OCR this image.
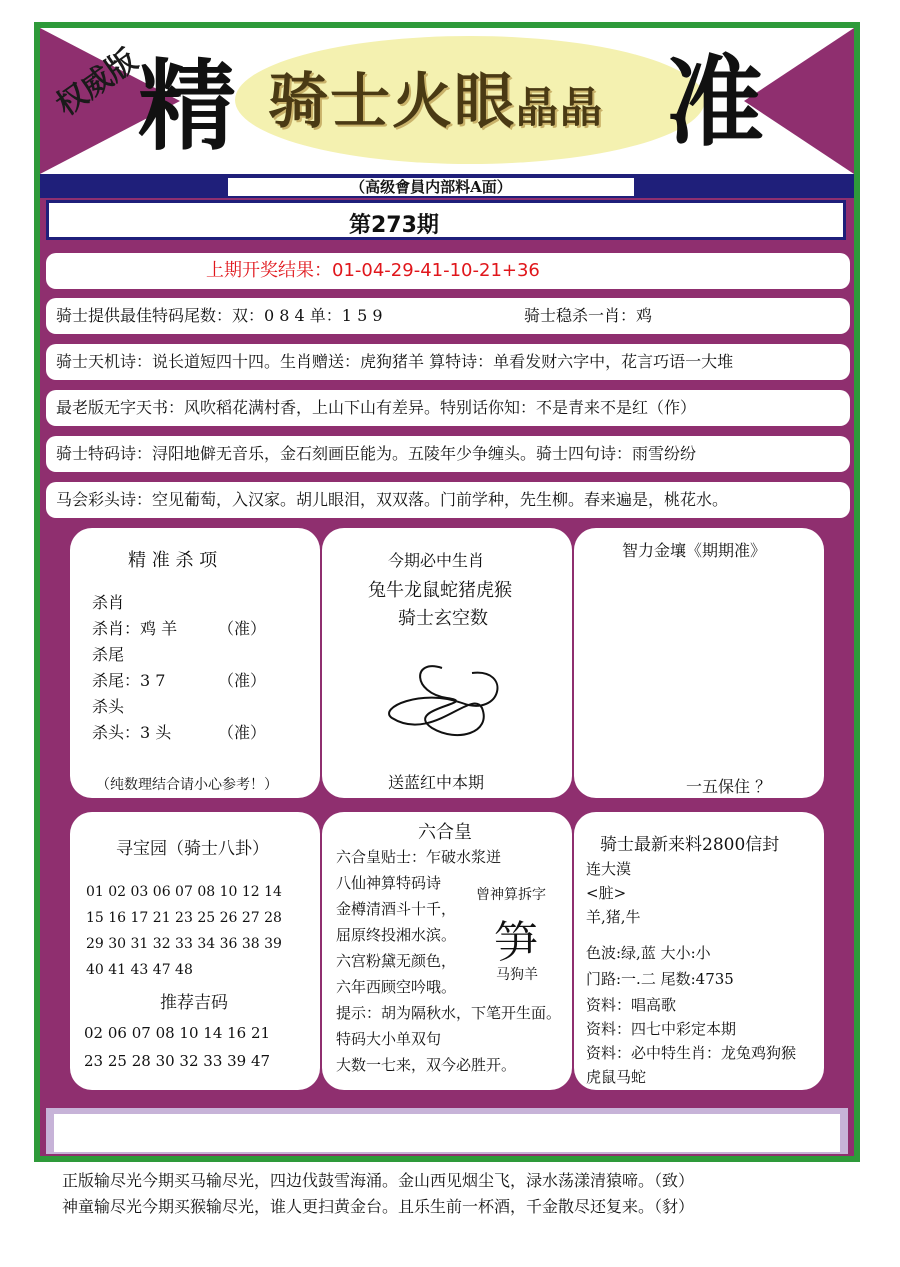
权威版
精 骑士火眼晶晶 准
（高级會員内部料A面）
第273期
上期开奖结果：01-04-29-41-10-21+36
骑士提供最佳特码尾数：双：0 8 4 单：1 5 9	骑士稳杀一肖：鸡
骑士天机诗：说长道短四十四。生肖赠送：虎狗猪羊 算特诗：单看发财六字中，花言巧语一大堆
最老版无字天书：风吹稻花满村香，上山下山有差异。特别话你知：不是青来不是红（作）
骑士特码诗：浔阳地僻无音乐，金石刻画臣能为。五陵年少争缠头。骑士四句诗：雨雪纷纷
马会彩头诗：空见葡萄，入汉家。胡儿眼泪，双双落。门前学种，先生柳。春来遍是，桃花水。
精 准 杀 项
杀肖
杀肖：鸡 羊	（准）
杀尾
杀尾：3 7	（准）
杀头
杀头：3 头	（准）
（纯数理结合请小心参考！）
今期必中生肖
兔牛龙鼠蛇猪虎猴
骑士玄空数
送蓝红中本期
智力金壤《期期准》
一五保住 ？
寻宝园（骑士八卦）
01 02 03 06 07 08 10 12 14
15 16 17 21 23 25 26 27 28
29 30 31 32 33 34 36 38 39
40 41 43 47 48
推荐吉码
02 06 07 08 10 14 16 21
23 25 28 30 32 33 39 47
六合皇
六合皇贴士：乍破水浆迸
八仙神算特码诗
金樽清酒斗十千，
屈原终投湘水滨。
六宫粉黛无颜色，
六年西顾空吟哦。
提示：胡为隔秋水，下笔开生面。
特码大小单双句
大数一七来，双今必胜开。
曾神算拆字
笋
马狗羊
骑士最新来料2800信封
连大漠
<脏>
羊,猪,牛
色波:绿,蓝 大小:小
门路:一.二 尾数:4735
资料：唱高歌
资料：四七中彩定本期
资料：必中特生肖：龙兔鸡狗猴
虎鼠马蛇
正版输尽光今期买马输尽光，四边伐鼓雪海涌。金山西见烟尘飞，渌水荡漾清猿啼。（致）
神童输尽光今期买猴输尽光，谁人更扫黄金台。且乐生前一杯酒，千金散尽还复来。（豺）
